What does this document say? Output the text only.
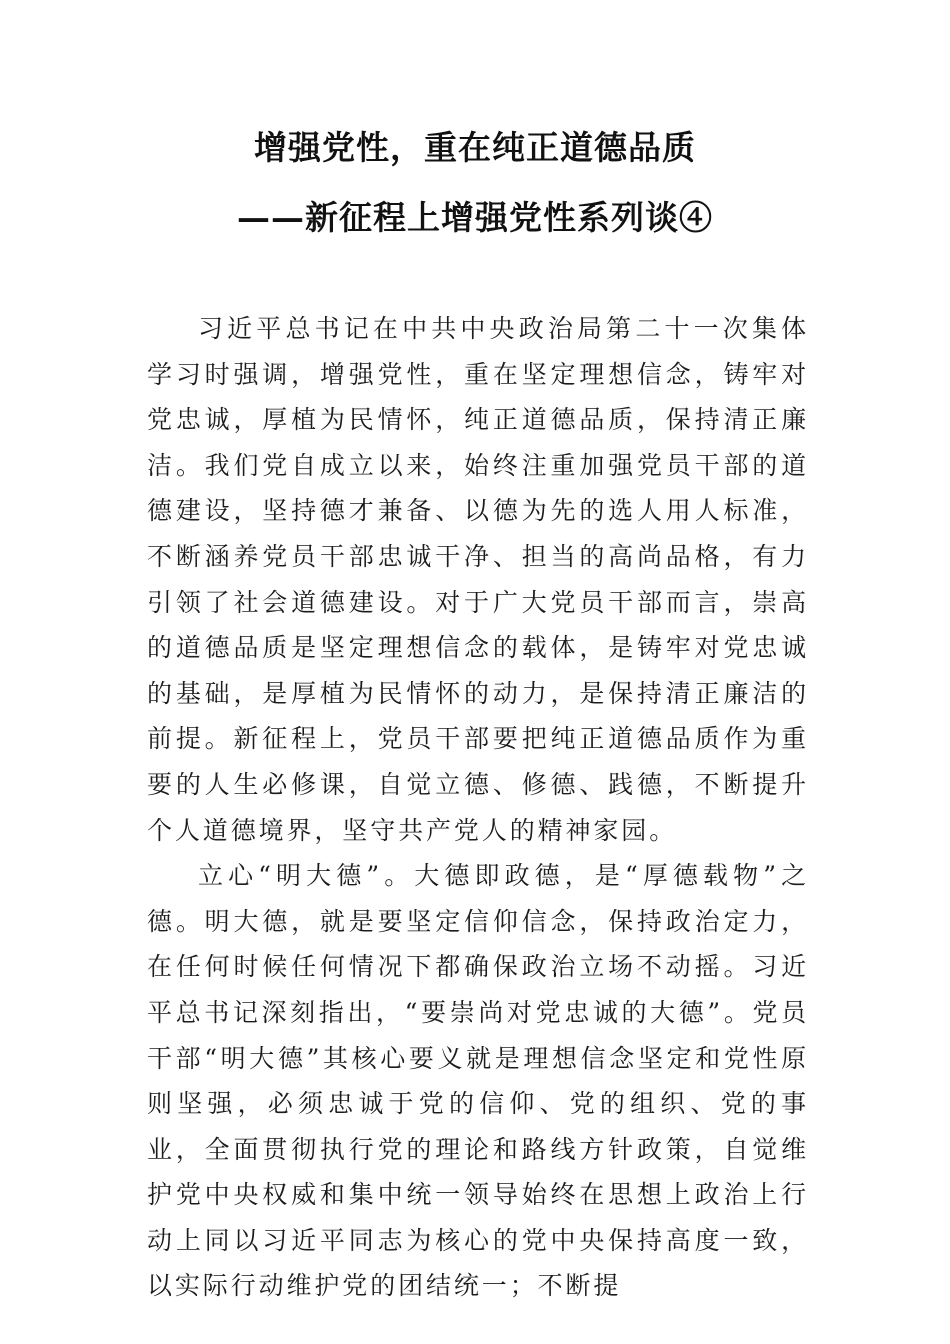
增强党性，重在纯正道德品质
——新征程上增强党性系列谈④

习近平总书记在中共中央政治局第二十一次集体学习时强调，增强党性，重在坚定理想信念，铸牢对党忠诚，厚植为民情怀，纯正道德品质，保持清正廉洁。我们党自成立以来，始终注重加强党员干部的道德建设，坚持德才兼备、以德为先的选人用人标准，不断涵养党员干部忠诚干净、担当的高尚品格，有力引领了社会道德建设。对于广大党员干部而言，崇高的道德品质是坚定理想信念的载体，是铸牢对党忠诚的基础，是厚植为民情怀的动力，是保持清正廉洁的前提。新征程上，党员干部要把纯正道德品质作为重要的人生必修课，自觉立德、修德、践德，不断提升个人道德境界，坚守共产党人的精神家园。

立心“明大德”。大德即政德，是“厚德载物”之德。明大德，就是要坚定信仰信念，保持政治定力，在任何时候任何情况下都确保政治立场不动摇。习近平总书记深刻指出，“要崇尚对党忠诚的大德”。党员干部“明大德”其核心要义就是理想信念坚定和党性原则坚强，必须忠诚于党的信仰、党的组织、党的事业，全面贯彻执行党的理论和路线方针政策，自觉维护党中央权威和集中统一领导始终在思想上政治上行动上同以习近平同志为核心的党中央保持高度一致，以实际行动维护党的团结统一；不断提
